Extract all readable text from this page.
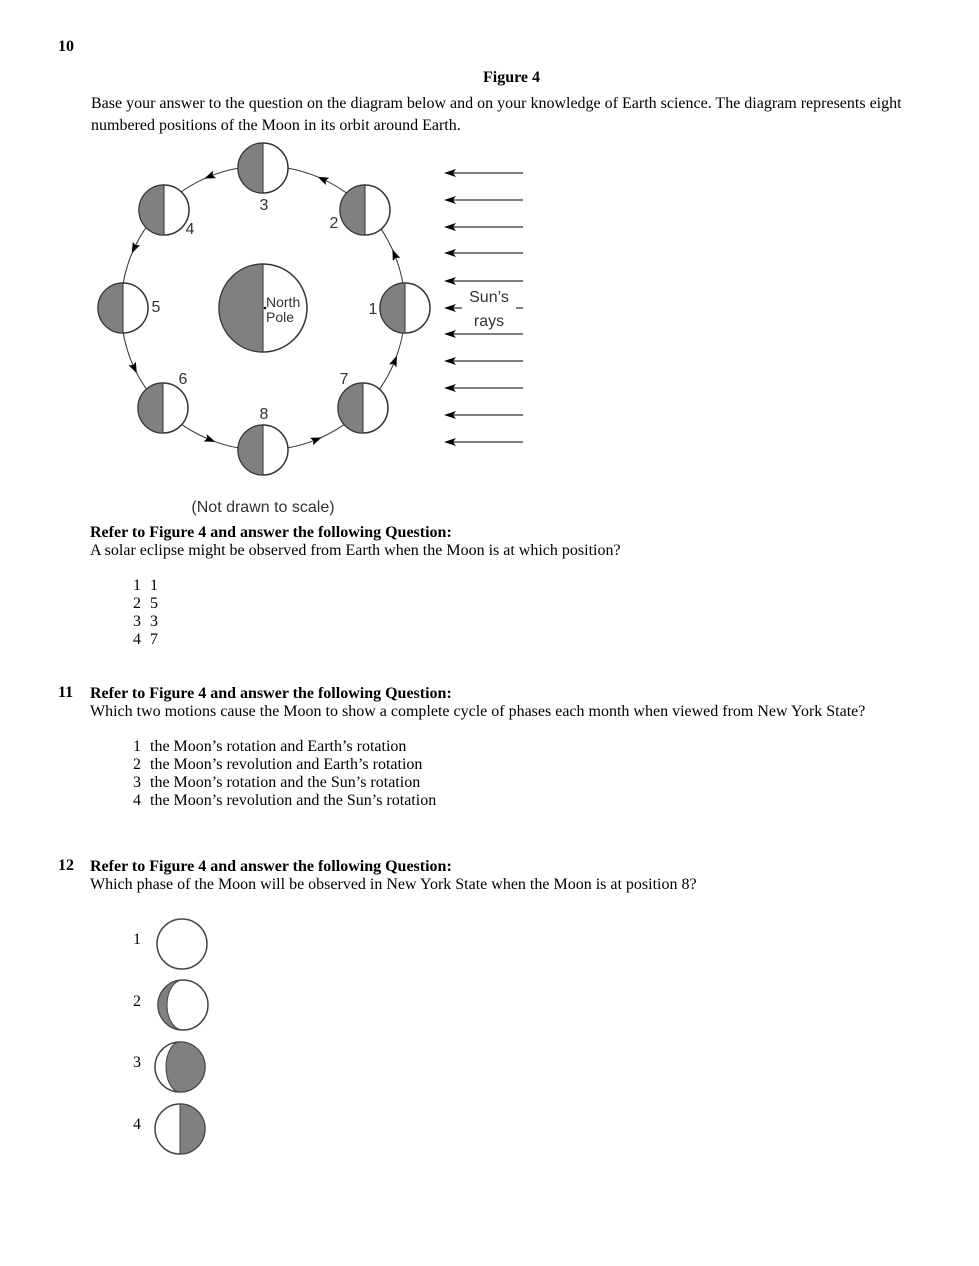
10
Figure 4
Base your answer to the question on the diagram below and on your knowledge of Earth science. The diagram represents eight numbered positions of the Moon in its orbit around Earth.
North
Pole	1
2
3
4
5
6	7
8
Sun’s
rays
(Not drawn to scale)
Refer to Figure 4 and answer the following Question:
A solar eclipse might be observed from Earth when the Moon is at which position?
1 1
2 5
3 3
4 7
11 Refer to Figure 4 and answer the following Question:
Which two motions cause the Moon to show a complete cycle of phases each month when viewed from New York State?
1 the Moon’s rotation and Earth’s rotation
2 the Moon’s revolution and Earth’s rotation
3 the Moon’s rotation and the Sun’s rotation
4 the Moon’s revolution and the Sun’s rotation
12 Refer to Figure 4 and answer the following Question:
Which phase of the Moon will be observed in New York State when the Moon is at position 8?
1
2
3
4
